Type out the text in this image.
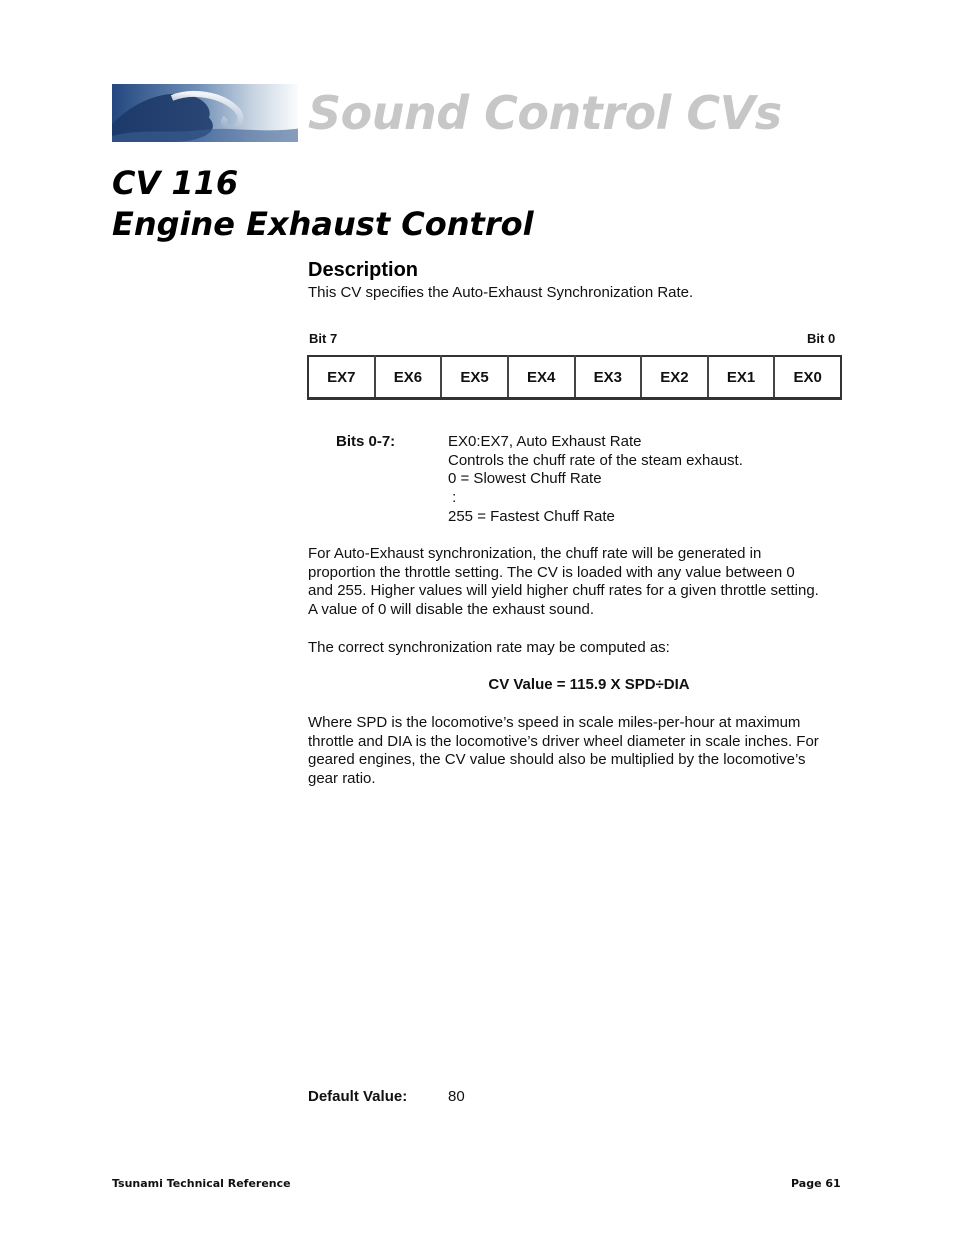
Sound Control CVs
CV 116
Engine Exhaust Control
Description
This CV specifies the Auto-Exhaust Synchronization Rate.
Bit 7	Bit 0
EX7	EX6	EX5	EX4	EX3	EX2	EX1	EX0
Bits 0-7:	EX0:EX7, Auto Exhaust Rate
Controls the chuff rate of the steam exhaust.
0 = Slowest Chuff Rate
:
255 = Fastest Chuff Rate
For Auto-Exhaust synchronization, the chuff rate will be generated in
proportion the throttle setting. The CV is loaded with any value between 0
and 255. Higher values will yield higher chuff rates for a given throttle setting.
A value of 0 will disable the exhaust sound.
The correct synchronization rate may be computed as:
CV Value = 115.9 X SPD÷DIA
Where SPD is the locomotive’s speed in scale miles-per-hour at maximum
throttle and DIA is the locomotive’s driver wheel diameter in scale inches. For
geared engines, the CV value should also be multiplied by the locomotive’s
gear ratio.
Default Value:	80
Tsunami Technical Reference	Page 61
